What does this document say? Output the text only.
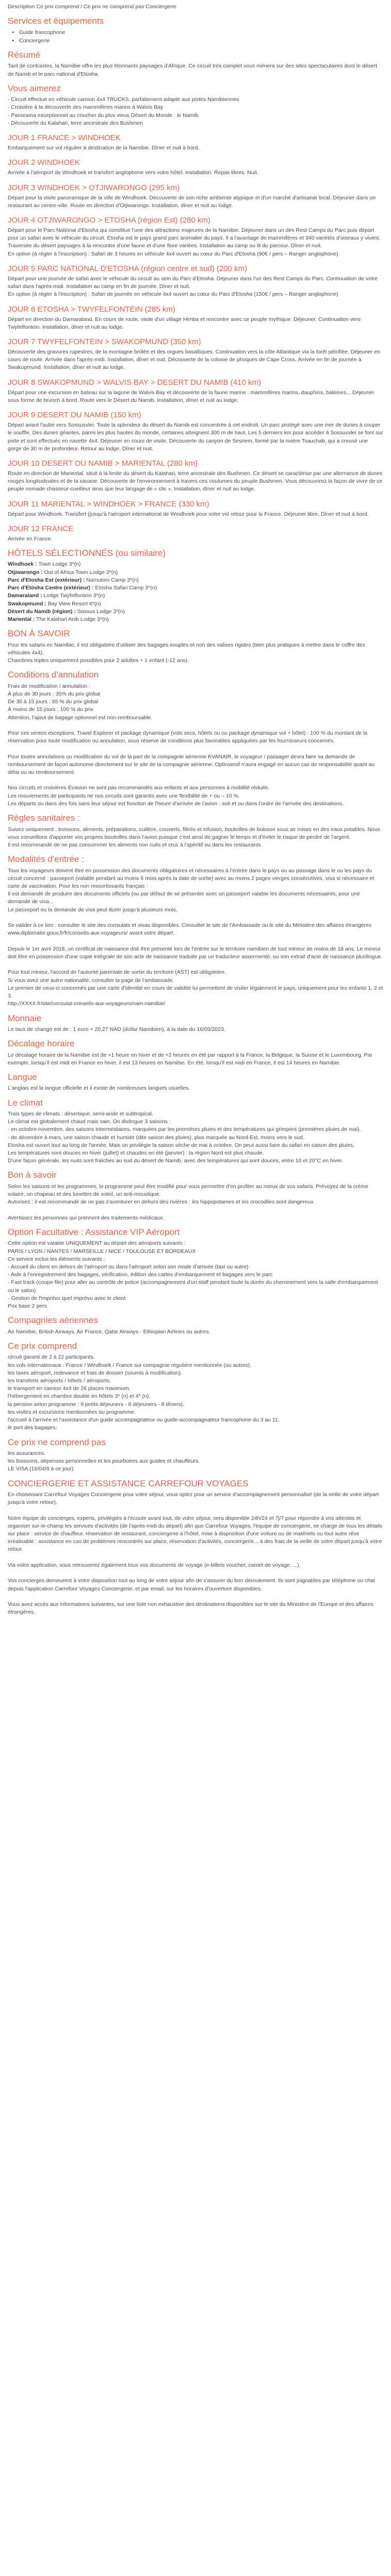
Description Ce prix comprend / Ce prix ne comprend pas Conciergerie

Services et équipements
• Guide francophone
• Conciergerie
Résumé

Tant de contrastes, la Namibie offre les plus étonnants paysages d'Afrique. Ce circuit très complet vous mènera sur des sites spectaculaires dont le désert de Namib et le parc national d'Etosha.

Vous aimerez

- Circuit effectué en véhicule camion 4x4 TRUCKS, parfaitement adapté aux pistes Namibiennes

- Croisière à la découverte des mammifères marins à Walvis Bay

- Panorama exceptionnel au coucher du plus vieux Désert du Monde : le Namib

- Découverte du Kalahari, terre ancestrale des Bushmen

JOUR 1 FRANCE > WINDHOEK

Embarquement sur vol régulier à destination de la Namibie. Dîner et nuit à bord.

JOUR 2 WINDHOEK

Arrivée à l'aéroport de Windhoek et transfert anglophone vers votre hôtel. Installation. Repas libres. Nuit.

JOUR 3 WINDHOEK > OTJIWARONGO (295 km)

Départ pour la visite panoramique de la ville de Windhoek. Découverte de son riche ambiente atypique et d'un marché d'artisanat local. Déjeuner dans un restaurant au centre-ville. Route en direction d'Otjiwarongo. Installation, dîner et nuit au lodge.

JOUR 4 OTJIWARONGO > ETOSHA (région Est) (280 km)

Départ pour le Parc National d'Etosha qui constitue l'une des attractions majeures de la Namibie. Déjeuner dans un des Rest Camps du Parc puis départ pour un safari avec le véhicule du circuit. Etosha est le pays grand parc animalier du pays. Il a l'avantage de mammifères et 340 variétés d'oiseaux y vivent. Traversée du désert paysages à la rencontre d'une faune et d'une flore variées. Installation au camp ou lit du parcour. Dîner et nuit.
En option (à régler à l'inscription) : Safari de 3 heures en véhicule 4x4 ouvert au cœur du Parc d'Etosha (90€ / pers – Ranger anglophone)

JOUR 5 PARC NATIONAL D'ETOSHA (région centre et sud) (200 km)

Départ pour une journée de safari avec le véhicule du circuit au sein du Parc d'Etosha. Déjeuner dans l'un des Rest Camps du Parc. Continuation de votre safari dans l'après-midi. Installation au camp en fin de journée. Dîner et nuit.
En option (à régler à l'inscription) : Safari de journée en véhicule 4x4 ouvert au cœur du Parc d'Etosha (150€ / pers – Ranger anglophone)

JOUR 6 ETOSHA > TWYFELFONTEIN (285 km)

Départ en direction du Damaraland. En cours de route, visite d'un village Himba et rencontre avec ce peuple mythique. Déjeuner. Continuation vers Twyfelfontein. Installation, dîner et nuit au lodge.

JOUR 7 TWYFELFONTEIN > SWAKOPMUND (350 km)

Découverte des gravures rupestres, de la montagne brûlée et des orgues basaltiques. Continuation vers la côte Atlantique via la forêt pétrifiée. Déjeuner en cours de route. Arrivée dans l'après-midi. Installation, dîner et nuit. Découverte de la colonie de phoques de Cape Cross. Arrivée en fin de journée à Swakopmund. Installation, dîner et nuit au lodge.

JOUR 8 SWAKOPMUND > WALVIS BAY > DESERT DU NAMIB (410 km)

Départ pour une excursion en bateau sur la lagune de Walvis Bay et découverte de la faune marine : mammifères marins, dauphins, baleines... Déjeuner sous forme de brunch à bord. Route vers le Désert du Namib. Installation, dîner et nuit au lodge.

JOUR 9 DESERT DU NAMIB (150 km)

Départ avant l'aube vers Sossusvlei. Toute la splendeur du désert du Namib est concentrée à cet endroit. Un parc protégé avec une mer de dunes à couper le souffle. Des dunes géantes, parmi les plus hautes du monde, certaines atteignent 300 m de haut. Les 5 derniers km pour accéder à Sossusvlei se font sur piste et sont effectués en navette 4x4. Déjeuner en cours de visite. Découverte du canyon de Sesriem, formé par la rivière Tsauchab, qui a creusé une gorge de 30 m de profondeur. Retour au lodge. Dîner et nuit.

JOUR 10 DESERT DU NAMIB > MARIENTAL (280 km)

Route en direction de Mariental, situé à la limite du désert du Kalahari, terre ancestrale des Bushmen. Ce désert se caractérise par une alternance de dunes rouges longitudinales et de la savane. Découverte de l'environnement à travers ces coutumes du peuple Bushmen. Vous découvrirez la façon de vivre de ce peuple nomade chasseur-cueilleur ainsi que leur langage de « clic ». Installation, dîner et nuit au lodge.

JOUR 11 MARIENTAL > WINDHOEK > FRANCE (330 km)

Départ pour Windhoek. Transfert (jusqu'à l'aéroport international de Windhoek pour votre vol retour pour la France. Déjeuner libre. Dîner et nuit à bord.

JOUR 12 FRANCE

Arrivée en France.

HÔTELS SÉLECTIONNÉS (ou similaire)

Windhoek : Town Lodge 3*(n)

Otjiwarongo : Out of Africa Town Lodge 3*(n)

Parc d'Etosha Est (extérieur) : Namutoni Camp 3*(n)

Parc d'Etosha Centre (extérieur) : Etosha Safari Camp 3*(n)

Damaraland : Lodge Twyfelfontein 3*(n)

Swakopmund : Bay View Resort 4*(n)

Désert du Namib (région) : Sossus Lodge 3*(n)

Mariental : The Kalahari Anib Lodge 3*(n)

BON À SAVOIR

Pour les safaris en Namibie, il est obligatoire d'utiliser des bagages souples et non des valises rigides (bien plus pratiques à mettre dans le coffre des véhicules 4x4).
Chambres triples uniquement possibles pour 2 adultes + 1 enfant (-12 ans).

Conditions d'annulation

Frais de modification / annulation :
À plus de 30 jours : 35% du prix global
De 30 à 15 jours : 65 % du prix global
À moins de 15 jours : 100 % du prix
Attention, l'ajout de bagage optionnel est non-remboursable.

Pour ces ventes exceptions, Travel Explorer et package dynamique (vols secs, hôtels ou ou package dynamique vol + hôtel) : 100 % du montant de la réservation pour toute modification ou annulation, sous réserve de conditions plus favorables appliquées par les fournisseurs concernés.

Pour toutes annulations ou modification du vol de la part de la compagnie aérienne KVANAIR, le voyageur / passager devra faire sa demande de remboursement de façon autonome directement sur le site de la compagnie aérienne. Optiroamif n'aura engagé en aucun cas de responsabilité quant au délai ou au remboursement.

Nos circuits et croisières Evasion ne sont pas recommandés aux enfants et aux personnes à mobilité réduite.
Les mouvements de participants ne nos circuits sont garantis avec une flexibilité de + ou – 10 %.
Les départs ou dans des fois sans leur séjour est fonction de l'heure d'arrivée de l'avion : soit et ou dans l'ordre de l'arrivée des destinations.

Règles sanitaires :

Suivez uniquement : boissons, aliments, préparations, cuillère, couverts, filtrés et infusion, bouteilles de boisson sous air mises en des eaux potables. Nous vous conseillons d'apporter vos propres bouteilles dans l'avion puisque c'est ainsi de gagner le temps et d'éviter le risque de perdre de l'argent.
Il est recommandé de ne pas consommer les aliments non cuits et crus à l'apéritif ou dans les restaurants.

Modalités d'entrée :

Tous les voyageurs doivent être en possession des documents obligatoires et nécessaires à l'entrée dans le pays ou au passage dans le ou les pays du circuit concerné : passeport (valable pendant au moins 6 mois après la date de sortie) avec au moins 2 pages vierges consécutives, visa si nécessaire et carte de vaccination. Pour les non ressortissants français :
Il est demandé de produire des documents officiels (ou par défaut de se présenter avec un passeport valable les documents nécessaires, pour une demande de visa...
Le passeport ou la demande de visa peut durer jusqu'à plusieurs mois.

Se valider à ce lien : consulter le site des consulats et visas disponibles. Consulter le site de l'Ambassade ou le site du Ministère des affaires étrangères www.diplomatie.gouv.fr/fr/conseils-aux-voyageurs/ avant votre départ.

Depuis le 1er avril 2018, un certificat de naissance doit être présenté lors de l'entrée sur le territoire namibien de tout mineur de moins de 18 ans. Le mineur doit être en possession d'une copie intégrale de son acte de naissance traduite par un traducteur assermenté, ou son extrait d'acte de naissance plurilingue.

Pour tout mineur, l'accord de l'autorité parentale de sortie du territoire (AST) est obligatoire.
Si vous avez une autre nationalité, consulter la page de l'ambassade.
Le premier de ceux-ci concernés par une carte d'identité en cours de validité lui permettent de visiter légalement le pays, uniquement pour les enfants 1, 2 et 3.
http://XXXX.fr/site/consulat-conseils-aux-voyageurs/nam-namibie/

Monnaie

Le taux de change est de : 1 euro = 20,27 NAD (dollar Namibien), à la date du 16/05/2023.

Décalage horaire

Le décalage horaire de la Namibie est de +1 heure en hiver et de +2 heures en été par rapport à la France, la Belgique, la Suisse et le Luxembourg. Par exemple, lorsqu'il est midi en France en hiver, il est 13 heures en Namibie. En été, lorsqu'il est midi en France, il est 14 heures en Namibie.

Langue

L'anglais est la langue officielle et il existe de nombreuses langues usuelles.

Le climat

Trois types de climats : désertique, semi-aride et subtropical.
Le climat est globalement chaud mais sain. On distingue 3 saisons :
- en octobre-novembre, des saisons intermédiaires, marquées par les premières pluies et des températures qui grimpent (premières pluies de mai).
- de décembre à mars, une saison chaude et humide (dite saison des pluies), plus marquée au Nord-Est, moins vers le sud.
Etosha est ouvert tout au long de l'année. Mais on privilégie la saison sèche de mai à octobre. On peut aussi faire du safari en saison des pluies.
Les températures sont douces en hiver (juillet) et chaudes en été (janvier) : la région Nord est plus chaude.
D'une façon générale, les nuits sont fraîches au sud du désert de Namib, avec des températures qui sont douces, entre 10 et 20°C en hiver.

Bon à savoir

Selon les saisons et les programmes, le programme peut être modifié pour vous permettre d'en profiter au mieux de vos safaris. Prévoyez de la crème solaire, un chapeau et des lunettes de soleil, un anti-moustique.
Autorisez : il est recommandé de ne pas s'aventurer en dehors des rivières : les hippopotames et les crocodiles sont dangereux.

Avertissez les personnes qui prennent des traitements médicaux.

Option Facultative : Assistance VIP Aéroport

Cette option est valable UNIQUEMENT au départ des aéroports suivants :
PARIS / LYON / NANTES / MARSEILLE / NICE / TOULOUSE ET BORDEAUX
Ce service inclus les éléments suivants :
- Accueil du client en dehors de l'aéroport ou dans l'aéroport selon son mode d'arrivée (taxi ou autre)
- Aide à l'enregistrement des bagages, vérification, édition des cartes d'embarquement et bagages vers le parc
- Fast track (coupe-file) pour aller au contrôle de police (accompagnement d'un staff pendant toute la durée du cheminement vers la salle d'embarquement ou le salon)
- Gestion de l'imprévu quel imprévu avec le client
Prix base 2 pers

Compagnies aériennes

Air Namibie, British Airways, Air France, Qatar Airways - Ethiopian Airlines ou autres

Ce prix comprend

circuit garanti de 2 à 22 participants.
les vols internationaux : France / Windhoek / France sur compagnie régulière mentionnée (ou autres).
les taxes aéroport, redevance et frais de dossier (soumis à modification).
les transferts aéroports / hôtels / aéroports.
le transport en camion 4x4 de 26 places maximum.
l'hébergement en chambre double en hôtels 3* (n) et 4* (n).
la pension selon programme : 9 petits déjeuners - 8 déjeuners - 8 dîners).
les visites et excursions mentionnées au programme.
l'accueil à l'arrivée et l'assistance d'un guide accompagnateur ou guide-accompagnateur francophone du 3 au 11.
le port des bagages.

Ce prix ne comprend pas

les assurances.
les boissons, dépenses personnelles et les pourboires aux guides et chauffeurs.
LE VISA (16/04/8 à ce jour).

CONCIERGERIE ET ASSISTANCE CARREFOUR VOYAGES

En choisissant Carrefour Voyages Conciergerie pour votre séjour, vous optez pour un service d'accompagnement personnalisé (de la veille de votre départ jusqu'à votre retour).

Notre équipe de concierges, experts, privilégiés à l'écoute avant tout, de votre séjour, sera disponible 24h/24 et 7j/7 pour répondre à vos attentes et organiser sur-le-champ les services d'activités (de l'après-midi du départ) afin que Carrefour Voyages, l'équipe de conciergerie, se charge de tous les détails sur place : service de chauffeur, réservation de restaurant, conciergerie à l'hôtel, mise à disposition d'une voiture ou de matériels ou tout autre rêve irréalisable : assistance en cas de problèmes rencontrés sur place, réservation d'activités, conciergerie... à des frais de la veille de votre départ jusqu'à votre retour.

Via votre application, vous retrouverez également tous vos documents de voyage (e-billets voucher, carnet de voyage, ...).

Vos concierges demeurent à votre disposition tout au long de votre séjour afin de s'assurer du bon déroulement. Ils sont joignables par téléphone ou chat depuis l'application Carrefour Voyages Conciergerie, et par email, sur les horaires d'ouverture disponibles.

Vous avez accès aux informations suivantes, sur une liste non exhaustive des destinations disponibles sur le site du Ministère de l'Europe et des affaires étrangères.
